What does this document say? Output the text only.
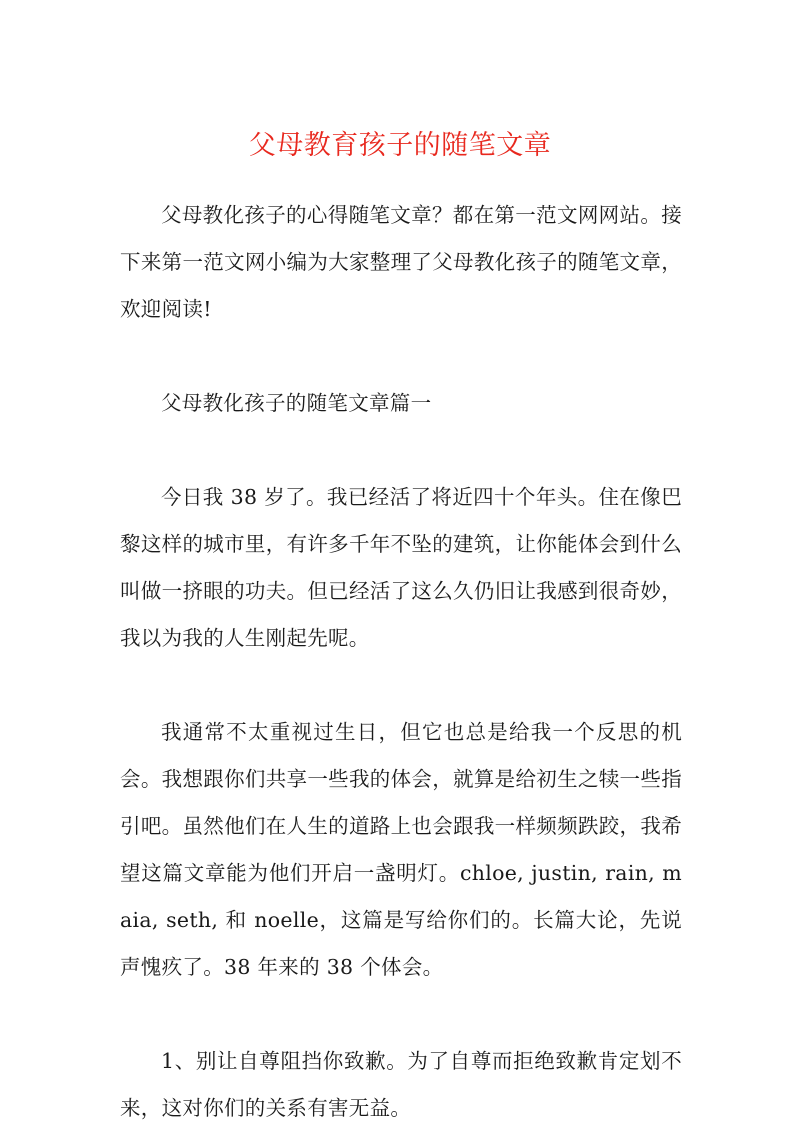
父母教育孩子的随笔文章

父母教化孩子的心得随笔文章？都在第一范文网网站。接下来第一范文网小编为大家整理了父母教化孩子的随笔文章，欢迎阅读!

父母教化孩子的随笔文章篇一

今日我 38 岁了。我已经活了将近四十个年头。住在像巴黎这样的城市里，有许多千年不坠的建筑，让你能体会到什么叫做一挤眼的功夫。但已经活了这么久仍旧让我感到很奇妙，我以为我的人生刚起先呢。

我通常不太重视过生日，但它也总是给我一个反思的机会。我想跟你们共享一些我的体会，就算是给初生之犊一些指引吧。虽然他们在人生的道路上也会跟我一样频频跌跤，我希望这篇文章能为他们开启一盏明灯。chloe, justin, rain, maia, seth, 和 noelle，这篇是写给你们的。长篇大论，先说声愧疚了。38 年来的 38 个体会。

1、别让自尊阻挡你致歉。为了自尊而拒绝致歉肯定划不来，这对你们的关系有害无益。
